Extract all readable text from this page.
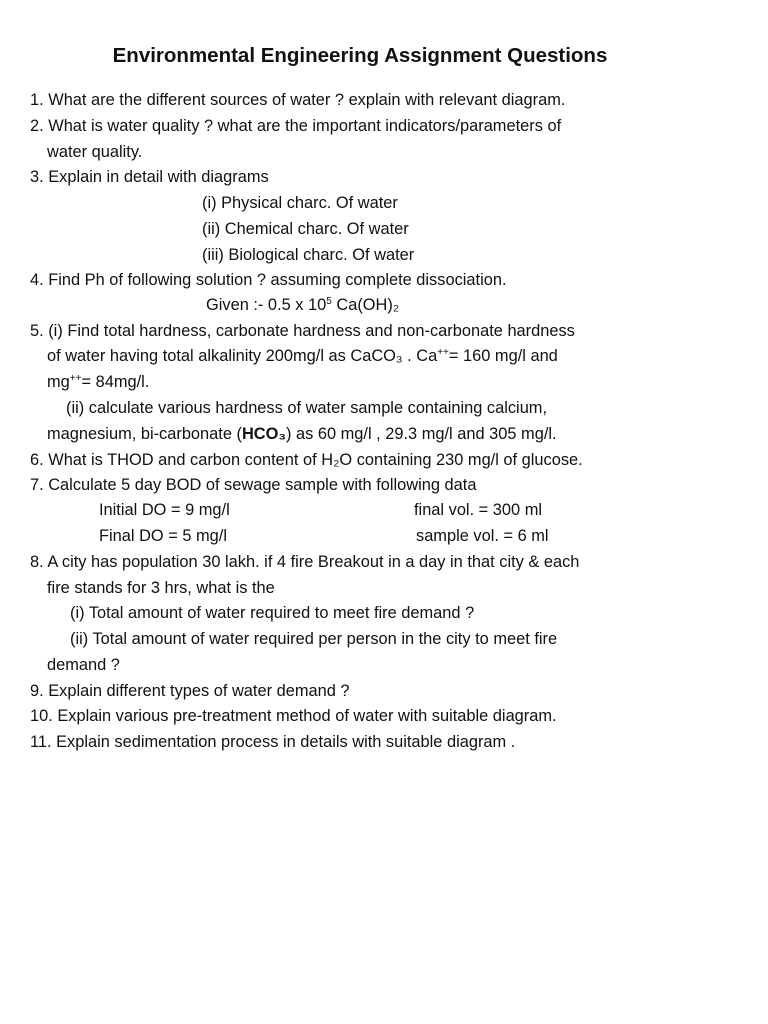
Environmental Engineering Assignment Questions
1. What are the different sources of water ? explain with relevant diagram.
2. What is water quality ? what are the important indicators/parameters of
water quality.
3. Explain in detail with diagrams
(i) Physical charc. Of water
(ii) Chemical charc. Of water
(iii) Biological charc. Of water
4. Find Ph of following solution ? assuming complete dissociation.
Given :- 0.5 x $10^5$ Ca(OH)₂
5. (i) Find total hardness, carbonate hardness and non-carbonate hardness
of water having total alkalinity 200mg/l as CaCO₃ . Ca++= 160 mg/l and
mg++= 84mg/l.
(ii) calculate various hardness of water sample containing calcium,
magnesium, bi-carbonate (HCO₃) as 60 mg/l , 29.3 mg/l and 305 mg/l.
6. What is THOD and carbon content of H₂O containing 230 mg/l of glucose.
7. Calculate 5 day BOD of sewage sample with following data
Initial DO = 9 mg/l	final vol. = 300 ml
Final DO = 5 mg/l	sample vol. = 6 ml
8. A city has population 30 lakh. if 4 fire Breakout in a day in that city & each
fire stands for 3 hrs, what is the
(i) Total amount of water required to meet fire demand ?
(ii) Total amount of water required per person in the city to meet fire
demand ?
9. Explain different types of water demand ?
10. Explain various pre-treatment method of water with suitable diagram.
11. Explain sedimentation process in details with suitable diagram .
